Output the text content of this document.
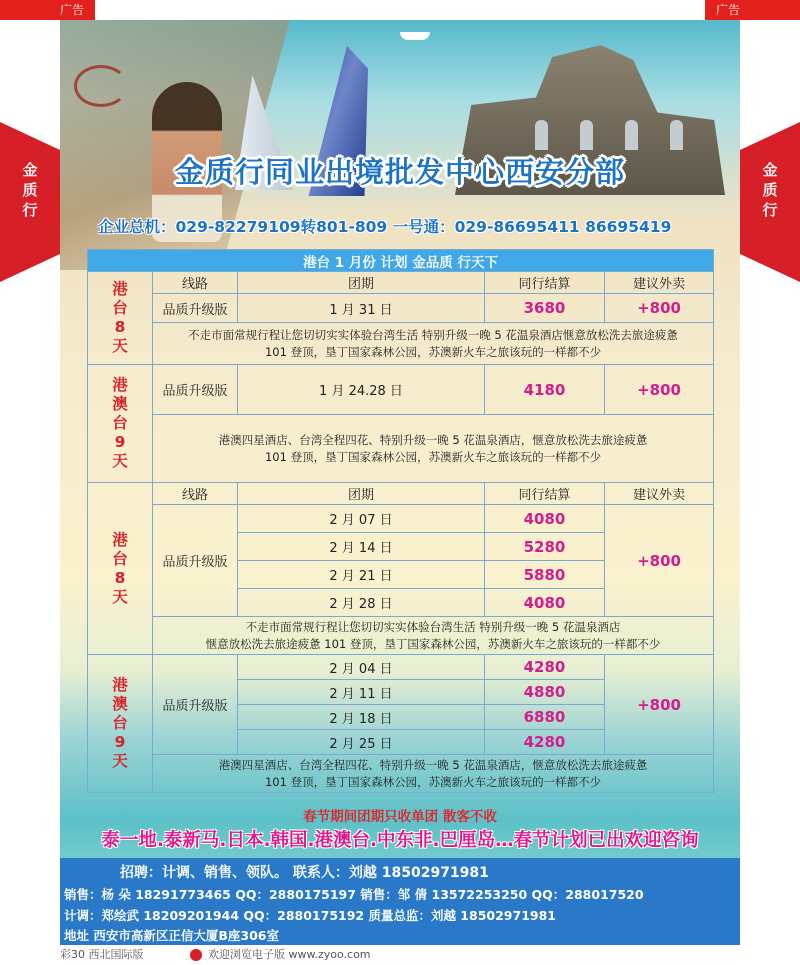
广告	广告
金质行
金质行
金质行同业出境批发中心西安分部
企业总机：029-82279109转801-809 一号通：029-86695411 86695419
港台 1 月份 计划 金品质 行天下				
港台8天	线路	团期	同行结算	建议外卖
	品质升级版	1 月 31 日	3680	+800

	不走市面常规行程让您切切实实体验台湾生活 特别升级一晚 5 花温泉酒店惬意放松洗去旅途疲惫
101 登顶，垦丁国家森林公园，苏澳新火车之旅该玩的一样都不少			

港澳台9天	品质升级版	1 月 24.28 日	4180	+800

	港澳四星酒店、台湾全程四花、特别升级一晚 5 花温泉酒店，惬意放松洗去旅途疲惫
101 登顶，垦丁国家森林公园，苏澳新火车之旅该玩的一样都不少			

港台8天	线路	团期	同行结算	建议外卖
	品质升级版	2 月 07 日	4080	+800
		2 月 14 日	5280	
		2 月 21 日	5880	
		2 月 28 日	4080	

	不走市面常规行程让您切切实实体验台湾生活 特别升级一晚 5 花温泉酒店
惬意放松洗去旅途疲惫 101 登顶，垦丁国家森林公园，苏澳新火车之旅该玩的一样都不少			

港澳台9天	品质升级版	2 月 04 日	4280	+800
		2 月 11 日	4880	
		2 月 18 日	6880	
		2 月 25 日	4280	

	港澳四星酒店、台湾全程四花、特别升级一晚 5 花温泉酒店，惬意放松洗去旅途疲惫
101 登顶，垦丁国家森林公园，苏澳新火车之旅该玩的一样都不少			
春节期间团期只收单团 散客不收
泰一地.泰新马.日本.韩国.港澳台.中东非.巴厘岛…春节计划已出欢迎咨询
招聘：计调、销售、领队。 联系人：刘越 18502971981
销售：杨 朵 18291773465 QQ：2880175197 销售：邹 倩 13572253250 QQ：288017520
计调：郑绘武 18209201944 QQ：2880175192 质量总监：刘越 18502971981
地址 西安市高新区正信大厦B座306室
彩30 西北国际版	欢迎浏览电子版 www.zyoo.com
